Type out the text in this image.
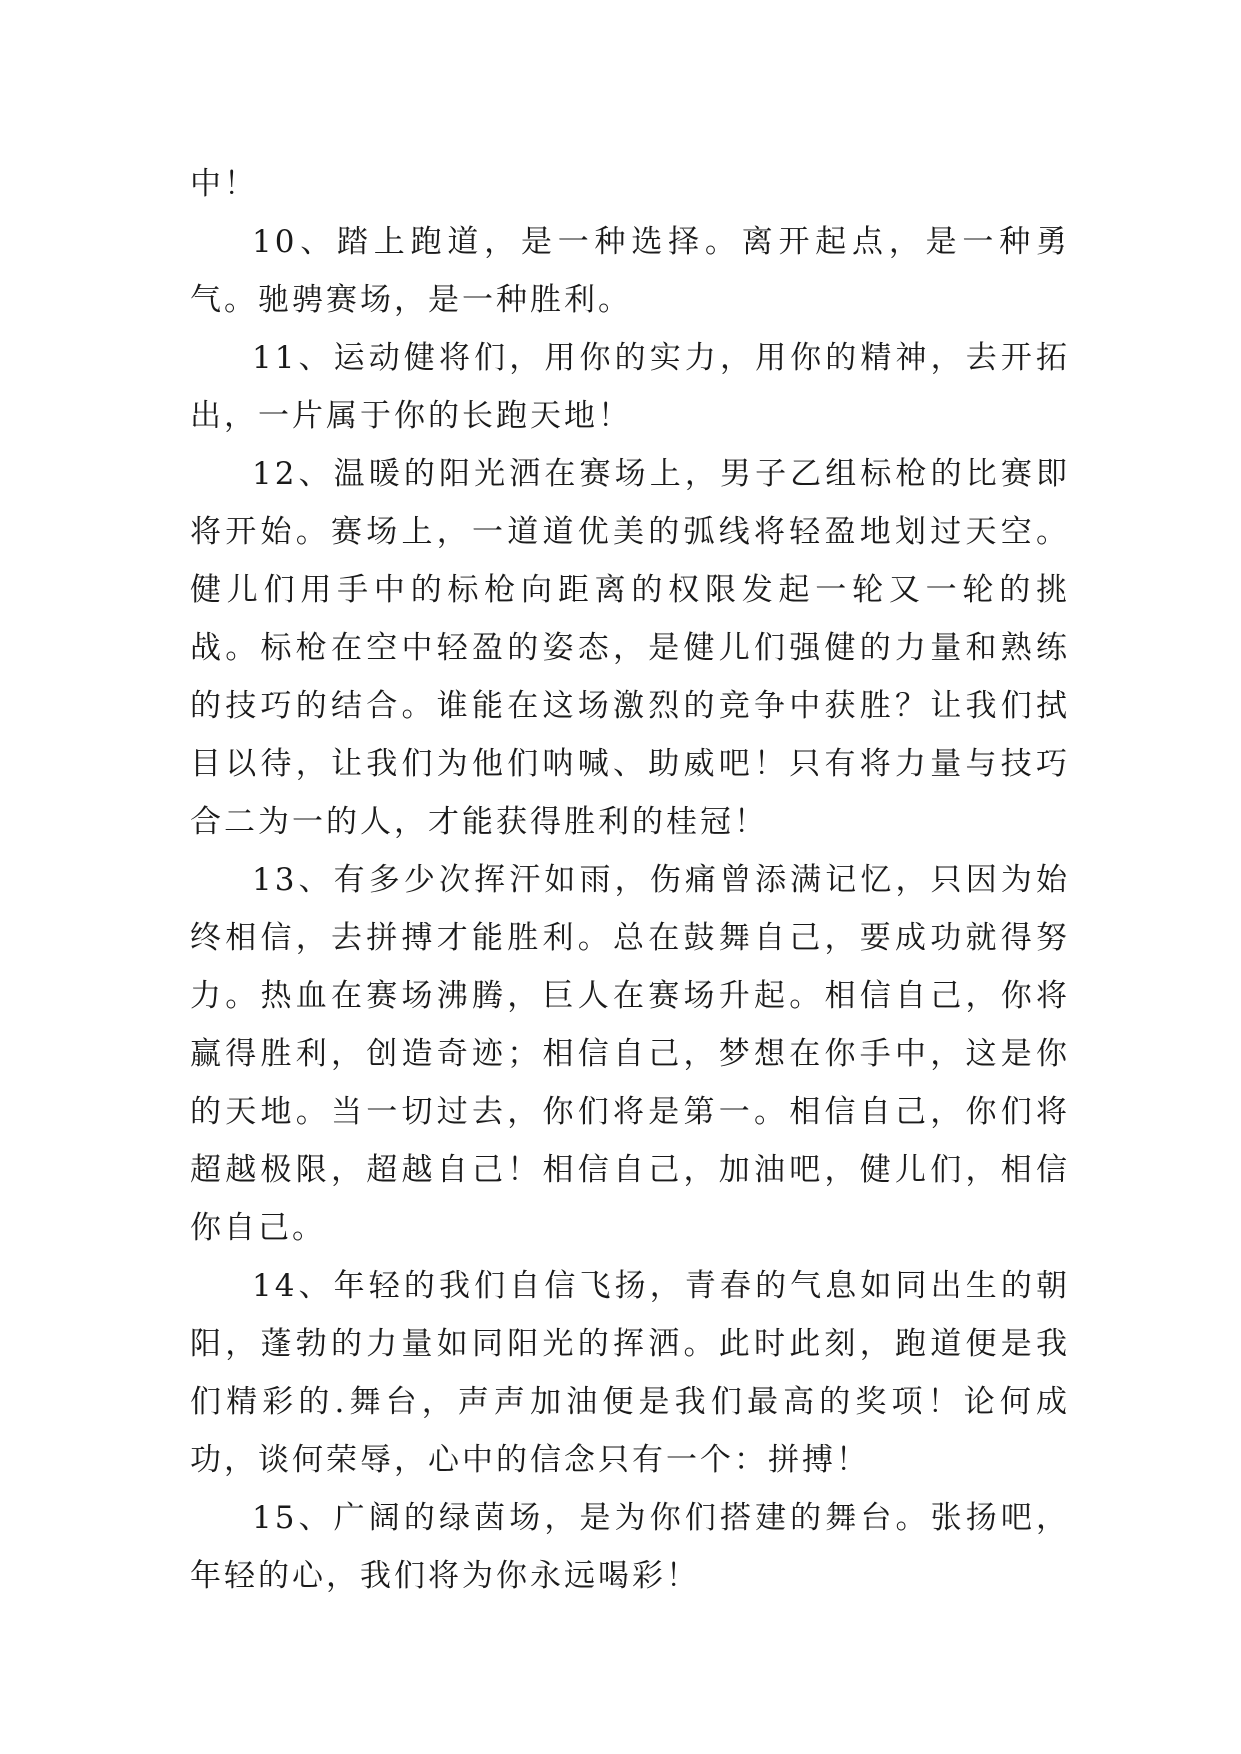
中！

10、踏上跑道，是一种选择。离开起点，是一种勇气。驰骋赛场，是一种胜利。

11、运动健将们，用你的实力，用你的精神，去开拓出，一片属于你的长跑天地！

12、温暖的阳光洒在赛场上，男子乙组标枪的比赛即将开始。赛场上，一道道优美的弧线将轻盈地划过天空。健儿们用手中的标枪向距离的权限发起一轮又一轮的挑战。标枪在空中轻盈的姿态，是健儿们强健的力量和熟练的技巧的结合。谁能在这场激烈的竞争中获胜？让我们拭目以待，让我们为他们呐喊、助威吧！只有将力量与技巧合二为一的人，才能获得胜利的桂冠！

13、有多少次挥汗如雨，伤痛曾添满记忆，只因为始终相信，去拼搏才能胜利。总在鼓舞自己，要成功就得努力。热血在赛场沸腾，巨人在赛场升起。相信自己，你将赢得胜利，创造奇迹；相信自己，梦想在你手中，这是你的天地。当一切过去，你们将是第一。相信自己，你们将超越极限，超越自己！相信自己，加油吧，健儿们，相信你自己。

14、年轻的我们自信飞扬，青春的气息如同出生的朝阳，蓬勃的力量如同阳光的挥洒。此时此刻，跑道便是我们精彩的.舞台，声声加油便是我们最高的奖项！论何成功，谈何荣辱，心中的信念只有一个：拼搏！

15、广阔的绿茵场，是为你们搭建的舞台。张扬吧，年轻的心，我们将为你永远喝彩！
